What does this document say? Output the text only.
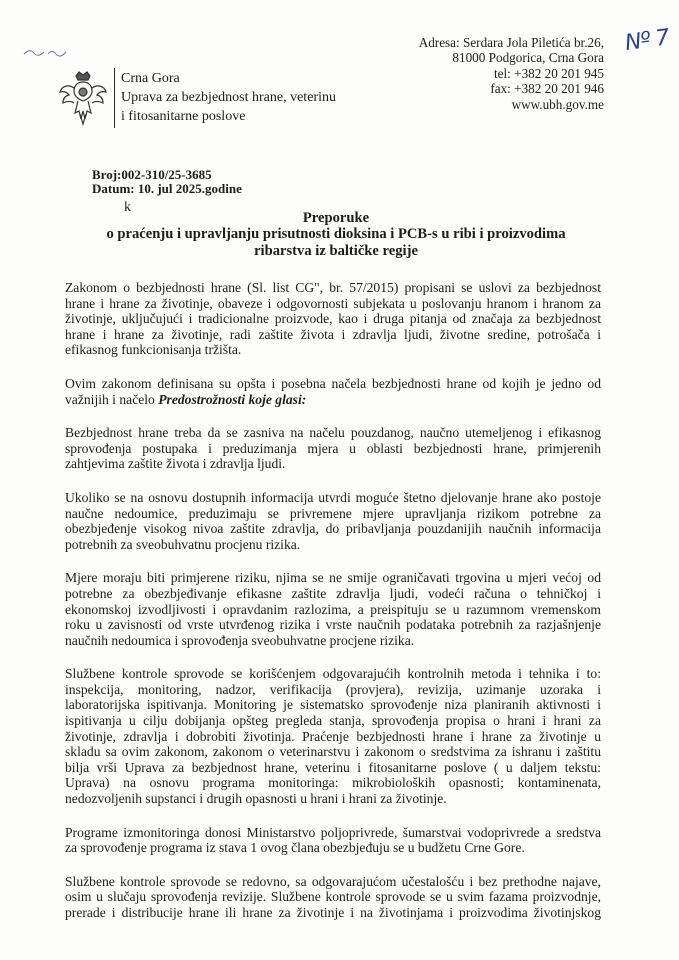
Nº 7
Crna Gora
Uprava za bezbjednost hrane, veterinu
i fitosanitarne poslove
Adresa: Serdara Jola Piletića br.26,
81000 Podgorica, Crna Gora
tel: +382 20 201 945
fax: +382 20 201 946
www.ubh.gov.me
Broj:002-310/25-3685
Datum: 10. jul 2025.godine
k
Preporuke
o praćenju i upravljanju prisutnosti dioksina i PCB-s u ribi i proizvodima
ribarstva iz baltičke regije
Zakonom o bezbjednosti hrane (Sl. list CG", br. 57/2015) propisani se uslovi za bezbjednost
hrane i hrane za životinje, obaveze i odgovornosti subjekata u poslovanju hranom i hranom za
životinje, uključujući i tradicionalne proizvode, kao i druga pitanja od značaja za bezbjednost
hrane i hrane za životinje, radi zaštite života i zdravlja ljudi, životne sredine, potrošača i
efikasnog funkcionisanja tržišta.
Ovim zakonom definisana su opšta i posebna načela bezbjednosti hrane od kojih je jedno od
važnijih i načelo Predostrožnosti koje glasi:
Bezbjednost hrane treba da se zasniva na načelu pouzdanog, naučno utemeljenog i efikasnog
sprovođenja postupaka i preduzimanja mjera u oblasti bezbjednosti hrane, primjerenih
zahtjevima zaštite života i zdravlja ljudi.
Ukoliko se na osnovu dostupnih informacija utvrdi moguće štetno djelovanje hrane ako postoje
naučne nedoumice, preduzimaju se privremene mjere upravljanja rizikom potrebne za
obezbjeđenje visokog nivoa zaštite zdravlja, do pribavljanja pouzdanijih naučnih informacija
potrebnih za sveobuhvatnu procjenu rizika.
Mjere moraju biti primjerene riziku, njima se ne smije ograničavati trgovina u mjeri većoj od
potrebne za obezbjeđivanje efikasne zaštite zdravlja ljudi, vodeći računa o tehničkoj i
ekonomskoj izvodljivosti i opravdanim razlozima, a preispituju se u razumnom vremenskom
roku u zavisnosti od vrste utvrđenog rizika i vrste naučnih podataka potrebnih za razjašnjenje
naučnih nedoumica i sprovođenja sveobuhvatne procjene rizika.
Službene kontrole sprovode se korišćenjem odgovarajućih kontrolnih metoda i tehnika i to:
inspekcija, monitoring, nadzor, verifikacija (provjera), revizija, uzimanje uzoraka i
laboratorijska ispitivanja. Monitoring je sistematsko sprovođenje niza planiranih aktivnosti i
ispitivanja u cilju dobijanja opšteg pregleda stanja, sprovođenja propisa o hrani i hrani za
životinje, zdravlja i dobrobiti životinja. Praćenje bezbjednosti hrane i hrane za životinje u
skladu sa ovim zakonom, zakonom o veterinarstvu i zakonom o sredstvima za ishranu i zaštitu
bilja vrši Uprava za bezbjednost hrane, veterinu i fitosanitarne poslove ( u daljem tekstu:
Uprava) na osnovu programa monitoringa: mikrobioloških opasnosti; kontaminenata,
nedozvoljenih supstanci i drugih opasnosti u hrani i hrani za životinje.
Programe izmonitoringa donosi Ministarstvo poljoprivrede, šumarstvai vodoprivrede a sredstva
za sprovođenje programa iz stava 1 ovog člana obezbjeđuju se u budžetu Crne Gore.
Službene kontrole sprovode se redovno, sa odgovarajućom učestalošću i bez prethodne najave,
osim u slučaju sprovođenja revizije. Službene kontrole sprovode se u svim fazama proizvodnje,
prerade i distribucije hrane ili hrane za životinje i na životinjama i proizvodima životinjskog
